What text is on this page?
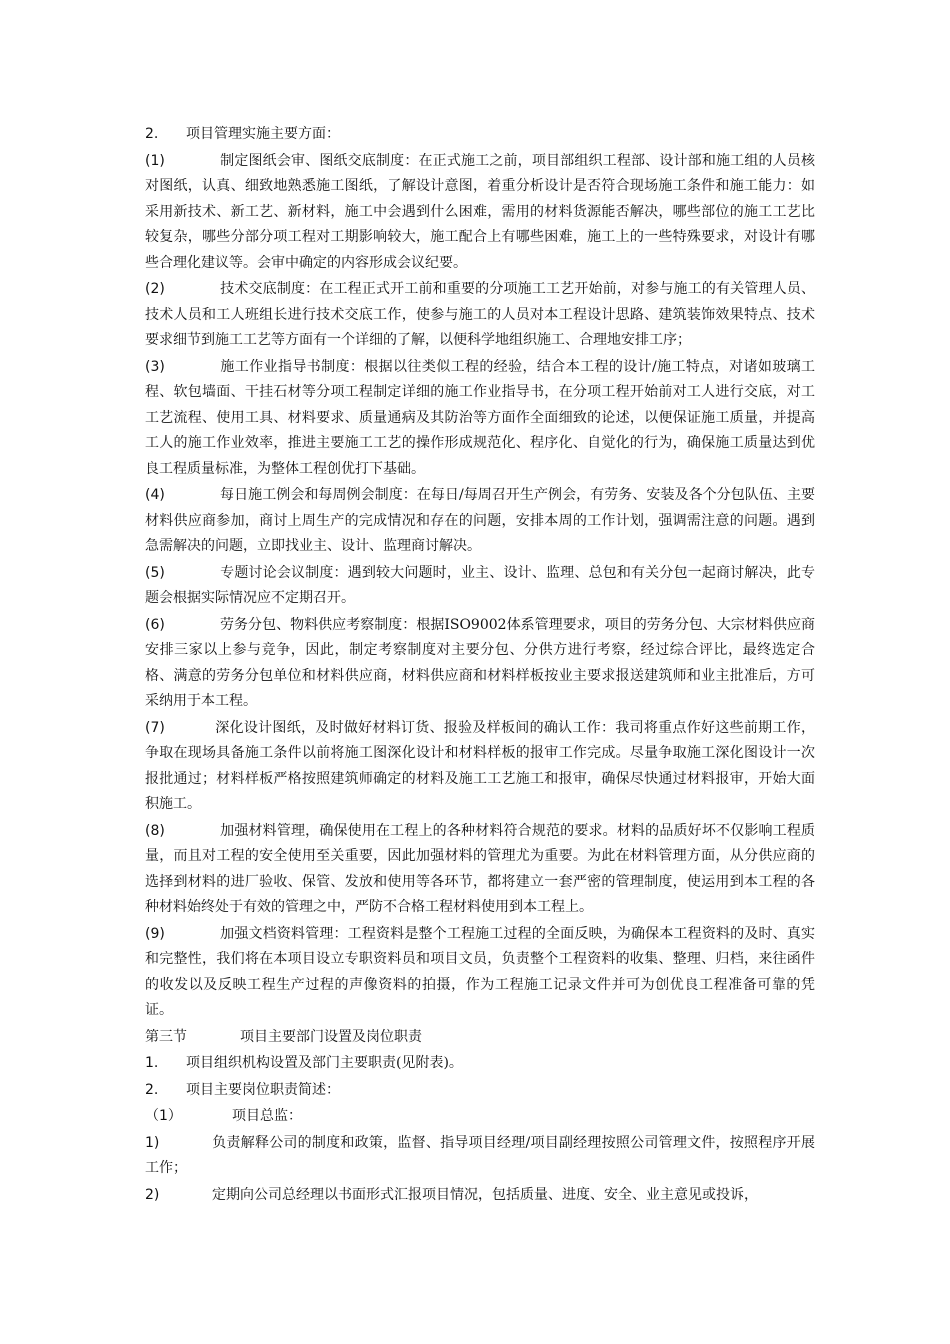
2. 项目管理实施主要方面：

(1)	制定图纸会审、图纸交底制度：在正式施工之前，项目部组织工程部、设计部和施工组的人员核对图纸，认真、细致地熟悉施工图纸，了解设计意图，着重分析设计是否符合现场施工条件和施工能力：如采用新技术、新工艺、新材料，施工中会遇到什么困难，需用的材料货源能否解决，哪些部位的施工工艺比较复杂，哪些分部分项工程对工期影响较大，施工配合上有哪些困难，施工上的一些特殊要求，对设计有哪些合理化建议等。会审中确定的内容形成会议纪要。

(2)	技术交底制度：在工程正式开工前和重要的分项施工工艺开始前，对参与施工的有关管理人员、技术人员和工人班组长进行技术交底工作，使参与施工的人员对本工程设计思路、建筑装饰效果特点、技术要求细节到施工工艺等方面有一个详细的了解，以便科学地组织施工、合理地安排工序；

(3)	施工作业指导书制度：根据以往类似工程的经验，结合本工程的设计/施工特点，对诸如玻璃工程、软包墙面、干挂石材等分项工程制定详细的施工作业指导书，在分项工程开始前对工人进行交底，对工工艺流程、使用工具、材料要求、质量通病及其防治等方面作全面细致的论述，以便保证施工质量，并提高工人的施工作业效率，推进主要施工工艺的操作形成规范化、程序化、自觉化的行为，确保施工质量达到优良工程质量标准，为整体工程创优打下基础。

(4)	每日施工例会和每周例会制度：在每日/每周召开生产例会，有劳务、安装及各个分包队伍、主要材料供应商参加，商讨上周生产的完成情况和存在的问题，安排本周的工作计划，强调需注意的问题。遇到急需解决的问题，立即找业主、设计、监理商讨解决。

(5)	专题讨论会议制度：遇到较大问题时，业主、设计、监理、总包和有关分包一起商讨解决，此专题会根据实际情况应不定期召开。

(6)	劳务分包、物料供应考察制度：根据ISO9002体系管理要求，项目的劳务分包、大宗材料供应商安排三家以上参与竞争，因此，制定考察制度对主要分包、分供方进行考察，经过综合评比，最终选定合格、满意的劳务分包单位和材料供应商，材料供应商和材料样板按业主要求报送建筑师和业主批准后，方可采纳用于本工程。

(7)	深化设计图纸，及时做好材料订货、报验及样板间的确认工作：我司将重点作好这些前期工作，争取在现场具备施工条件以前将施工图深化设计和材料样板的报审工作完成。尽量争取施工深化图设计一次报批通过；材料样板严格按照建筑师确定的材料及施工工艺施工和报审，确保尽快通过材料报审，开始大面积施工。

(8)	加强材料管理，确保使用在工程上的各种材料符合规范的要求。材料的品质好坏不仅影响工程质量，而且对工程的安全使用至关重要，因此加强材料的管理尤为重要。为此在材料管理方面，从分供应商的选择到材料的进厂验收、保管、发放和使用等各环节，都将建立一套严密的管理制度，使运用到本工程的各种材料始终处于有效的管理之中，严防不合格工程材料使用到本工程上。

(9)	加强文档资料管理：工程资料是整个工程施工过程的全面反映，为确保本工程资料的及时、真实和完整性，我们将在本项目设立专职资料员和项目文员，负责整个工程资料的收集、整理、归档，来往函件的收发以及反映工程生产过程的声像资料的拍摄，作为工程施工记录文件并可为创优良工程准备可靠的凭证。

第三节	项目主要部门设置及岗位职责

1. 项目组织机构设置及部门主要职责(见附表)。

2. 项目主要岗位职责简述：

（1）	项目总监：

1)	负责解释公司的制度和政策，监督、指导项目经理/项目副经理按照公司管理文件，按照程序开展工作；

2)	定期向公司总经理以书面形式汇报项目情况，包括质量、进度、安全、业主意见或投诉，
